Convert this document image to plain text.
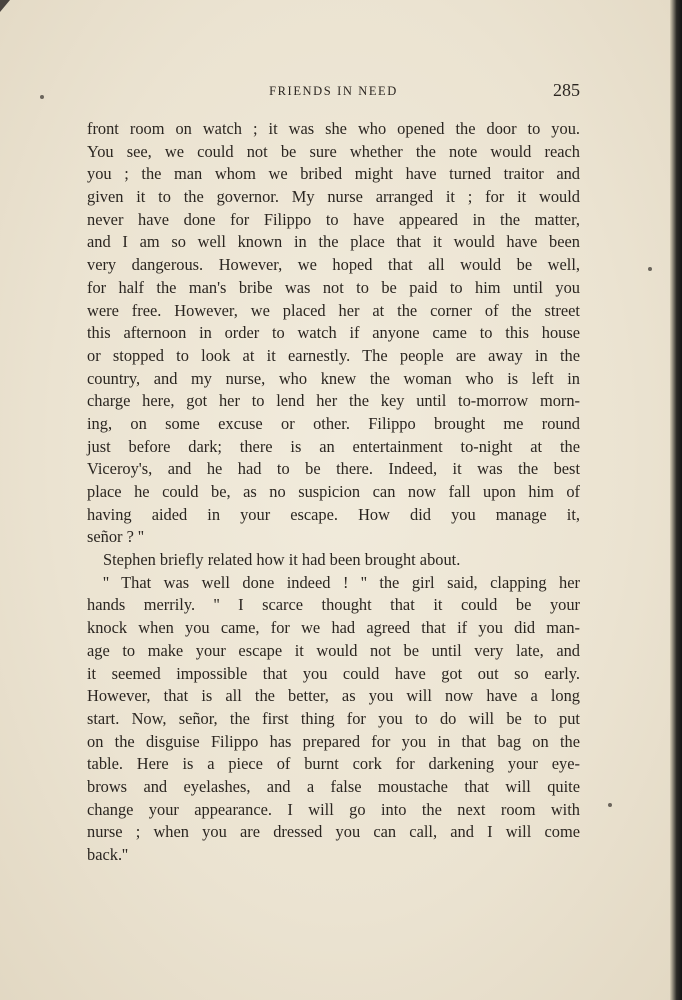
FRIENDS IN NEED	285
front room on watch ; it was she who opened the door to you.
You see, we could not be sure whether the note would reach
you ; the man whom we bribed might have turned traitor and
given it to the governor. My nurse arranged it ; for it would
never have done for Filippo to have appeared in the matter,
and I am so well known in the place that it would have been
very dangerous. However, we hoped that all would be well,
for half the man's bribe was not to be paid to him until you
were free. However, we placed her at the corner of the street
this afternoon in order to watch if anyone came to this house
or stopped to look at it earnestly. The people are away in the
country, and my nurse, who knew the woman who is left in
charge here, got her to lend her the key until to-morrow morn-
ing, on some excuse or other. Filippo brought me round
just before dark; there is an entertainment to-night at the
Viceroy's, and he had to be there. Indeed, it was the best
place he could be, as no suspicion can now fall upon him of
having aided in your escape. How did you manage it,
señor ? ''
Stephen briefly related how it had been brought about.
'' That was well done indeed ! '' the girl said, clapping her
hands merrily. '' I scarce thought that it could be your
knock when you came, for we had agreed that if you did man-
age to make your escape it would not be until very late, and
it seemed impossible that you could have got out so early.
However, that is all the better, as you will now have a long
start. Now, señor, the first thing for you to do will be to put
on the disguise Filippo has prepared for you in that bag on the
table. Here is a piece of burnt cork for darkening your eye-
brows and eyelashes, and a false moustache that will quite
change your appearance. I will go into the next room with
nurse ; when you are dressed you can call, and I will come
back.''
